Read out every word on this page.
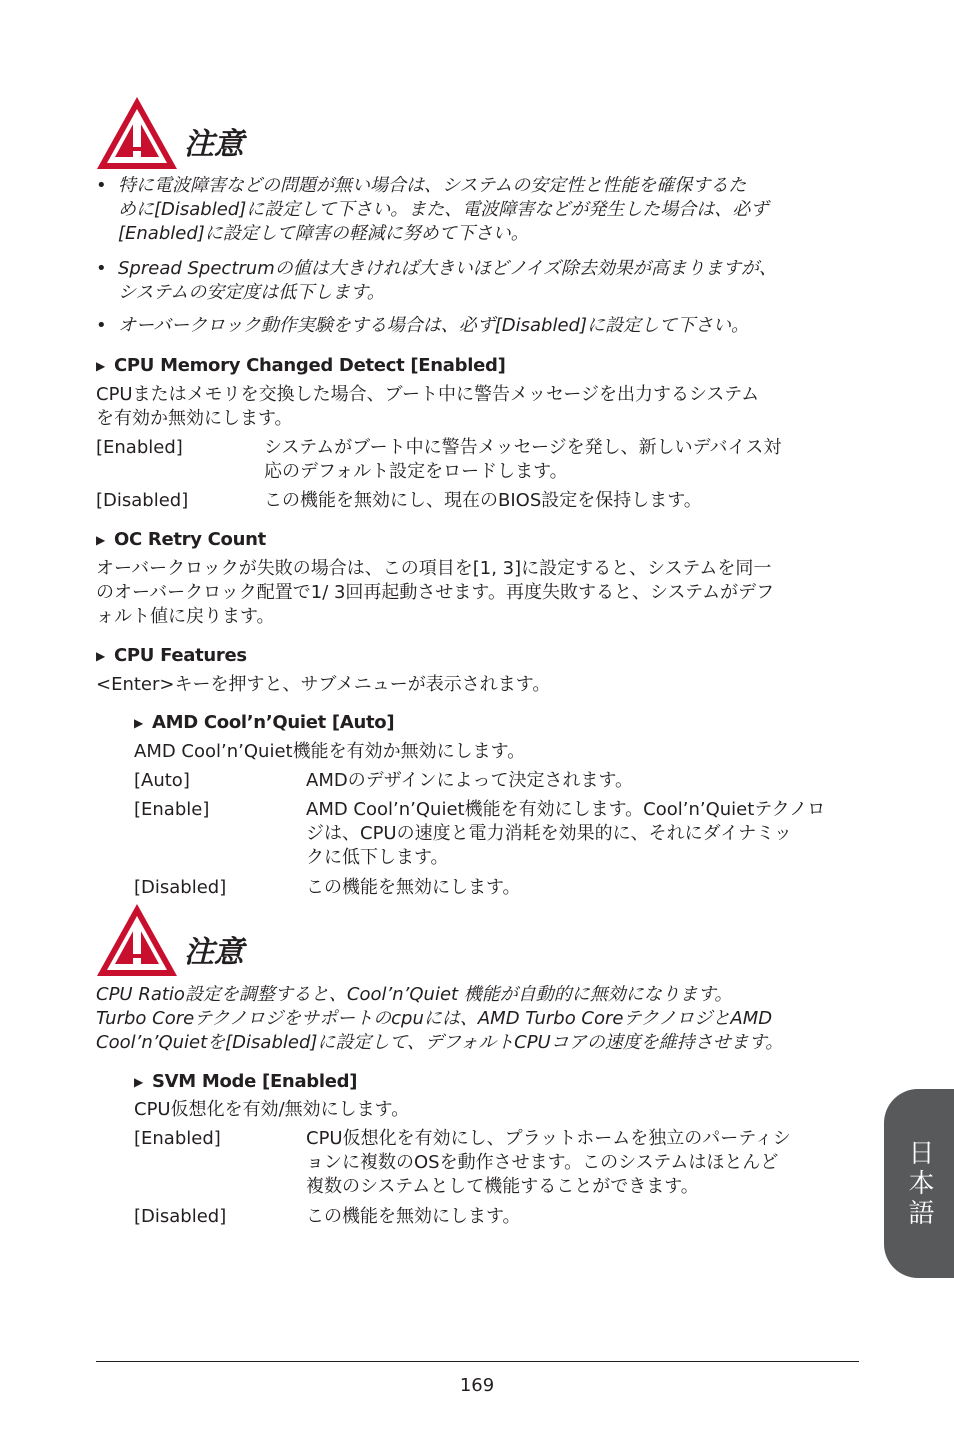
注意
• 特に電波障害などの問題が無い場合は、システムの安定性と性能を確保するた
めに[Disabled]に設定して下さい。また、電波障害などが発生した場合は、必ず
[Enabled]に設定して障害の軽減に努めて下さい。
• Spread Spectrumの値は大きければ大きいほどノイズ除去効果が高まりますが、
システムの安定度は低下します。
• オーバークロック動作実験をする場合は、必ず[Disabled]に設定して下さい。
▶ CPU Memory Changed Detect [Enabled]
CPUまたはメモリを交換した場合、ブート中に警告メッセージを出力するシステム
を有効か無効にします。
[Enabled]	システムがブート中に警告メッセージを発し、新しいデバイス対
応のデフォルト設定をロードします。
[Disabled]	この機能を無効にし、現在のBIOS設定を保持します。
▶ OC Retry Count
オーバークロックが失敗の場合は、この項目を[1, 3]に設定すると、システムを同一
のオーバークロック配置で1/ 3回再起動させます。再度失敗すると、システムがデフ
ォルト値に戻ります。
▶ CPU Features
<Enter>キーを押すと、サブメニューが表示されます。
▶ AMD Cool’n’Quiet [Auto]
AMD Cool’n’Quiet機能を有効か無効にします。
[Auto]	AMDのデザインによって決定されます。
[Enable]	AMD Cool’n’Quiet機能を有効にします。Cool’n’Quietテクノロ
ジは、CPUの速度と電力消耗を効果的に、それにダイナミッ
クに低下します。
[Disabled]	この機能を無効にします。
注意
CPU Ratio設定を調整すると、Cool’n’Quiet 機能が自動的に無効になります。
Turbo Coreテクノロジをサポートのcpuには、AMD Turbo CoreテクノロジとAMD
Cool’n’Quietを[Disabled]に設定して、デフォルトCPUコアの速度を維持させます。
▶ SVM Mode [Enabled]
CPU仮想化を有効/無効にします。
[Enabled]	CPU仮想化を有効にし、プラットホームを独立のパーティシ
ョンに複数のOSを動作させます。このシステムはほとんど
複数のシステムとして機能することができます。
[Disabled]	この機能を無効にします。	日本語
169
